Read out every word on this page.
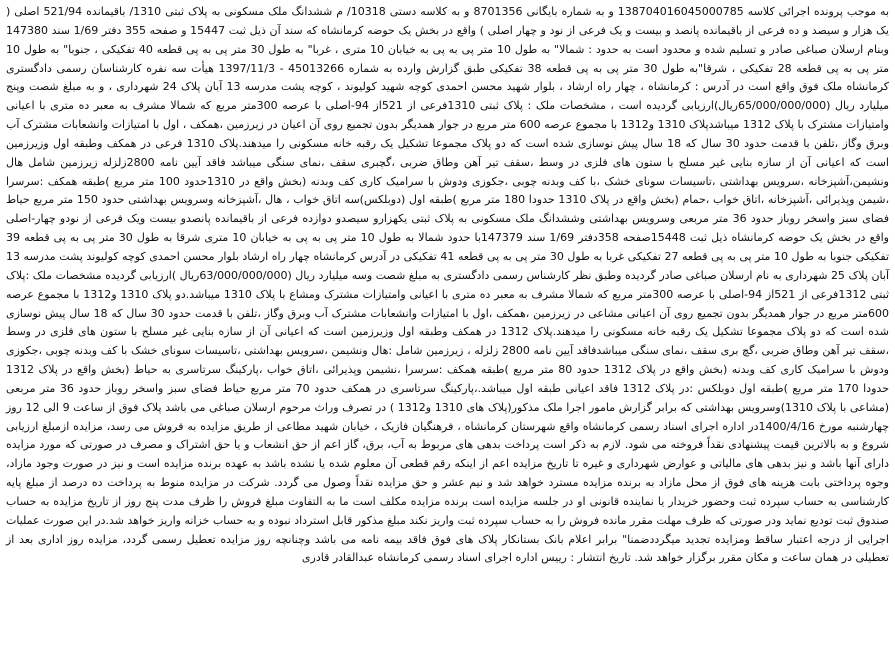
به موجب پرونده اجرائی کلاسه 138704016045000785 و به شماره بایگانی 8701356 و به کلاسه دستی 10318/ م ششدانگ ملک مسکونی به پلاک ثبتی 1310/ باقیمانده 521/94 اصلی ( یک هزار و سیصد و ده فرعی از باقیمانده پانصد و بیست و یک فرعی از نود و چهار اصلی ) واقع در بخش یک حوضه کرمانشاه که سند آن ذیل ثبت 15447 و صفحه 355 دفتر 1/69 سند 147380 وبنام ارسلان صباغی صادر و تسلیم شده و محدود است به حدود : شمالا" به طول 10 متر پی به پی به خیابان 10 متری ، غربا" به طول 30 متر پی به پی قطعه 40 تفکیکی ، جنوبا" به طول 10 متر پی به پی قطعه 28 تفکیکی ، شرقا"به طول 30 متر پی به پی قطعه 38 تفکیکی طبق گزارش وارده به شماره 45013266 - 1397/11/3 هیأت سه نفره کارشناسان رسمی دادگستری کرمانشاه ملک فوق واقع است در آدرس : کرمانشاه ، چهار راه ارشاد ، بلوار شهید محسن احمدی کوچه شهید کولیوند ، کوچه پشت مدرسه 13 آبان پلاک 24 شهرداری ، و به مبلغ شصت وپنج میلیارد ریال (65/000/000/000ریال)ارزیابی گردیده است ، مشخصات ملک : پلاک ثبتی 1310فرعی از 521از 94-اصلی با عرصه 300متر مربع که شمالا مشرف به معبر ده متری با اعیانی وامتیازات مشترک با پلاک 1312 میباشدپلاک 1310 و1312 با مجموع عرصه 600 متر مربع در جوار همدیگر بدون تجمیع روی آن اعیان در زیرزمین ،همکف ، اول با امتیازات وانشعابات مشترک آب وبرق وگاز ،تلفن با قدمت حدود 30 سال که 18 سال پیش نوسازی شده است که دو پلاک مجموعا تشکیل یک رقبه خانه مسکونی را میدهند.پلاک 1310 فرعی در همکف وطبقه اول وزیرزمین است که اعیانی آن از سازه بنایی غیر مسلح با ستون های فلزی در وسط ،سقف تیر آهن وطاق ضربی ،گچبری سقف ،نمای سنگی میباشد فاقد آیین نامه 2800زلزله زیرزمین شامل هال ونشیمن،آشپزخانه ،سرویس بهداشتی ،تاسیسات سونای خشک ،با کف وبدنه چوبی ،جکوزی ودوش با سرامیک کاری کف وبدنه (بخش واقع در 1310حدود 100 متر مربع )طبقه همکف :سرسرا ،شیمن وپذیرائی ،آشپزخانه ،اتاق خواب ،حمام (بخش واقع در پلاک 1310 حدودا 180 متر مربع )طبقه اول (دوبلکس)سه اتاق خواب ، هال ،آشپزخانه وسرویس بهداشتی حدود 150 متر مربع حیاط فضای سبز واسخر روباز حدود 36 متر مربعی وسرویس بهداشتی وششدانگ ملک مسکونی به پلاک ثبتی یکهزارو سیصدو دوازده فرعی از باقیمانده پانصدو بیست ویک فرعی از نودو چهار-اصلی واقع در بخش یک حوضه کرمانشاه ذیل ثبت 15448صفحه 358دفتر 1/69 سند 147379با حدود شمالا به طول 10 متر پی به پی به خیابان 10 متری شرقا به طول 30 متر پی به پی قطعه 39 تفکیکی جنوبا به طول 10 متر پی به پی قطعه 27 تفکیکی غربا به طول 30 متر پی به پی قطعه 41 تفکیکی در آدرس کرمانشاه چهار راه ارشاد بلوار محسن احمدی کوچه کولیوند پشت مدرسه 13 آبان پلاک 25 شهرداری به نام ارسلان صباغی صادر گردیده وطبق نظر کارشناس رسمی دادگستری به مبلغ شصت وسه میلیارد ریال (63/000/000/000ریال )ارزیابی گردیده مشخصات ملک :پلاک ثبتی 1312فرعی از 521از 94-اصلی با عرصه 300متر مربع که شمالا مشرف به معبر ده متری با اعیانی وامتیازات مشترک ومشاع با پلاک 1310 میباشد.دو پلاک 1310 و1312 با مجموع عرصه 600متر مربع در جوار همدیگر بدون تجمیع روی آن اعیانی مشاعی در زیرزمین ،همکف ،اول با امتیازات وانشعابات مشترک آب وبرق وگاز ،تلفن با قدمت حدود 30 سال که 18 سال پیش نوسازی شده است که دو پلاک مجموعا تشکیل یک رقبه خانه مسکونی را میدهند.پلاک 1312 در همکف وطبقه اول وزیرزمین است که اعیانی آن از سازه بنایی غیر مسلح با ستون های فلزی در وسط ،سقف تیر آهن وطاق ضربی ،گچ بری سقف ،نمای سنگی میباشدفاقد آیین نامه 2800 زلزله ، زیرزمین شامل :هال ونشیمن ،سرویس بهداشتی ،تاسیسات سونای خشک با کف وبدنه چوبی ،جکوزی ودوش با سرامیک کاری کف وبدنه (بخش واقع در پلاک 1312 حدود 80 متر مربع )طبقه همکف :سرسرا ،نشیمن وپذیرائی ،اتاق خواب ،پارکینگ سرتاسری به حیاط (بخش واقع در پلاک 1312 حدودا 170 متر مربع )طبقه اول دوبلکس :در پلاک 1312 فاقد اعیانی طبقه اول میباشد.،پارکینگ سرتاسری در همکف حدود 70 متر مربع حیاط فضای سبز واسخر روباز حدود 36 متر مربعی (مشاعی با پلاک 1310)وسرویس بهداشتی که برابر گزارش مامور اجرا ملک مذکور(پلاک های 1310 و1312 ) در تصرف وراث مرحوم ارسلان صباغی می باشد پلاک فوق از ساعت 9 الی 12 روز چهارشنبه مورخ 1400/4/16در اداره اجرای اسناد رسمی کرمانشاه واقع شهرستان کرمانشاه ، فرهنگیان فازیک ، خیابان شهید مطاعی از طریق مزایده به فروش می رسد، مزایده ازمبلغ ارزیابی شروع و به بالاترین قیمت پیشنهادی نقداً فروخته می شود. لازم به ذکر است پرداخت بدهی های مربوط به آب، برق، گاز اعم از حق انشعاب و یا حق اشتراک و مصرف در صورتی که مورد مزایده دارای آنها باشد و نیز بدهی های مالیاتی و عوارض شهرداری و غیره تا تاریخ مزایده اعم از اینکه رقم قطعی آن معلوم شده یا نشده باشد به عهده برنده مزایده است و نیز در صورت وجود مازاد، وجوه پرداختی بابت هزینه های فوق از محل مازاد به برنده مزایده مسترد خواهد شد و نیم عشر و حق مزایده نقداً وصول می گردد. شرکت در مزایده منوط به پرداخت ده درصد از مبلغ پایه کارشناسی به حساب سپرده ثبت وحضور خریدار یا نماینده قانونی او در جلسه مزایده است برنده مزایده مکلف است ما به التفاوت مبلغ فروش را ظرف مدت پنج روز از تاریخ مزایده به حساب صندوق ثبت تودیع نماید ودر صورتی که ظرف مهلت مقرر مانده فروش را به حساب سپرده ثبت واریز نکند مبلغ مذکور قابل استرداد نبوده و به حساب خزانه واریز خواهد شد.در این صورت عملیات اجرایی از درجه اعتبار ساقط ومزایده تجدید میگرددضمنا" برابر اعلام بانک بستانکار پلاک های فوق فاقد بیمه نامه می باشد وچنانچه روز مزایده تعطیل رسمی گردد، مزایده روز اداری بعد از تعطیلی در همان ساعت و مکان مقرر برگزار خواهد شد. تاریخ انتشار : رییس اداره اجرای اسناد رسمی کرمانشاه عبدالقادر قادری
